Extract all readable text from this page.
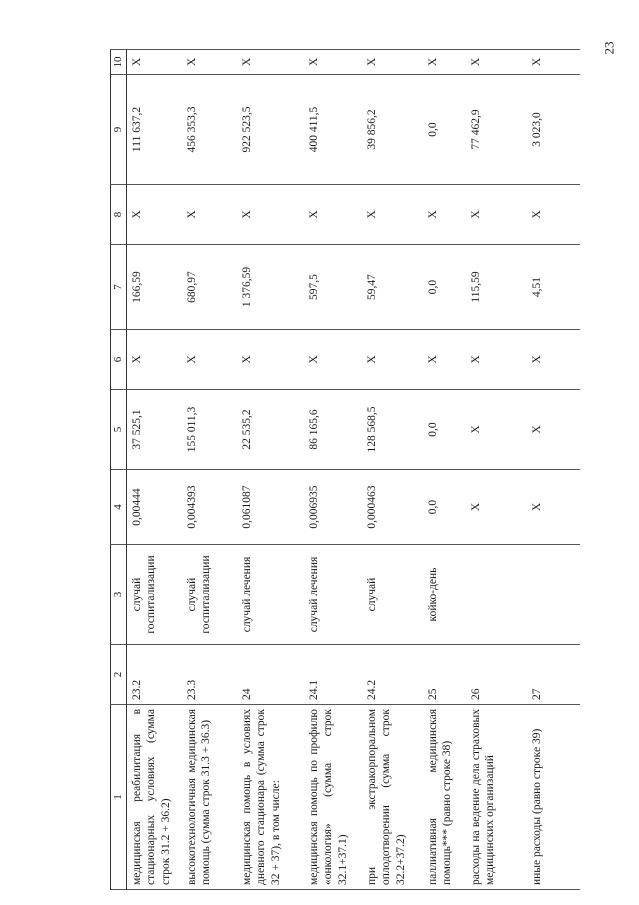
23
1	2	3	4	5	6	7	8	9	10
медицинская реабилитация в стационарных условиях (сумма строк 31.2 + 36.2)	23.2	случай госпитализации	0,00444	37 525,1	X	166,59	X	111 637,2	X
высокотехнологичная медицинская помощь (сумма строк 31.3 + 36.3)	23.3	случай госпитализации	0,004393	155 011,3	X	680,97	X	456 353,3	X
медицинская помощь в условиях дневного стационара (сумма строк 32 + 37), в том числе:	24	случай лечения	0,061087	22 535,2	X	1 376,59	X	922 523,5	X
медицинская помощь по профилю «онкология» (сумма строк 32.1+37.1)	24.1	случай лечения	0,006935	86 165,6	X	597,5	X	400 411,5	X
при экстракорпоральном оплодотворении (сумма строк 32.2+37.2)	24.2	случай	0,000463	128 568,5	X	59,47	X	39 856,2	X
паллиативная медицинская помощь*** (равно строке 38)	25	койко-день	0,0	0,0	X	0,0	X	0,0	X
расходы на ведение дела страховых медицинских организаций	26		X	X	X	115,59	X	77 462,9	X
иные расходы (равно строке 39)	27		X	X	X	4,51	X	3 023,0	X
